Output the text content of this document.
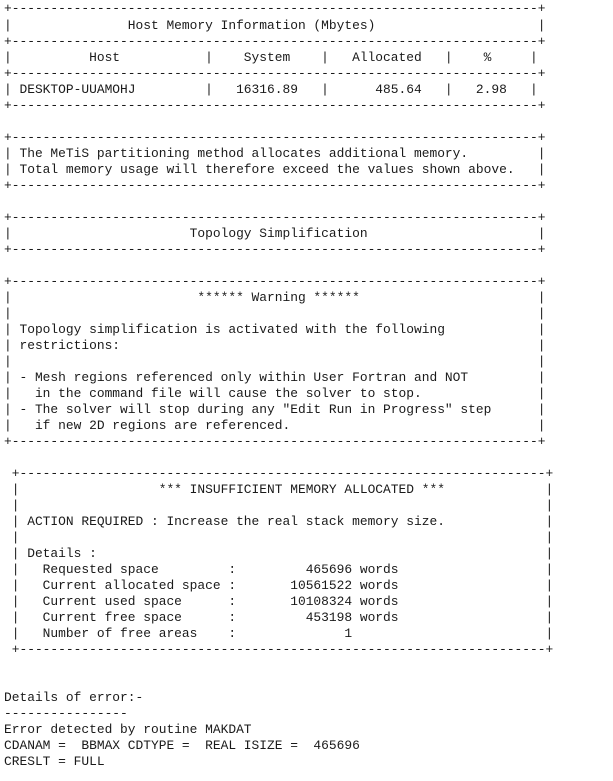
+--------------------------------------------------------------------+
|               Host Memory Information (Mbytes)                     |
+--------------------------------------------------------------------+
|          Host           |    System    |   Allocated   |    %     |
+--------------------------------------------------------------------+
| DESKTOP-UUAMOHJ         |   16316.89   |      485.64   |   2.98   |
+--------------------------------------------------------------------+
+--------------------------------------------------------------------+
| The MeTiS partitioning method allocates additional memory.         |
| Total memory usage will therefore exceed the values shown above.   |
+--------------------------------------------------------------------+
+--------------------------------------------------------------------+
|                       Topology Simplification                      |
+--------------------------------------------------------------------+
+--------------------------------------------------------------------+
|                        ****** Warning ******                       |
|                                                                    |
| Topology simplification is activated with the following            |
| restrictions:                                                      |
|                                                                    |
| - Mesh regions referenced only within User Fortran and NOT         |
|   in the command file will cause the solver to stop.               |
| - The solver will stop during any "Edit Run in Progress" step      |
|   if new 2D regions are referenced.                                |
+--------------------------------------------------------------------+
+--------------------------------------------------------------------+
|                  *** INSUFFICIENT MEMORY ALLOCATED ***             |
|                                                                    |
| ACTION REQUIRED : Increase the real stack memory size.             |
|                                                                    |
| Details :                                                          |
|   Requested space         :         465696 words                   |
|   Current allocated space :       10561522 words                   |
|   Current used space      :       10108324 words                   |
|   Current free space      :         453198 words                   |
|   Number of free areas    :              1                         |
+--------------------------------------------------------------------+
Details of error:-
----------------
Error detected by routine MAKDAT
CDANAM =  BBMAX CDTYPE =  REAL ISIZE =  465696
CRESLT = FULL
